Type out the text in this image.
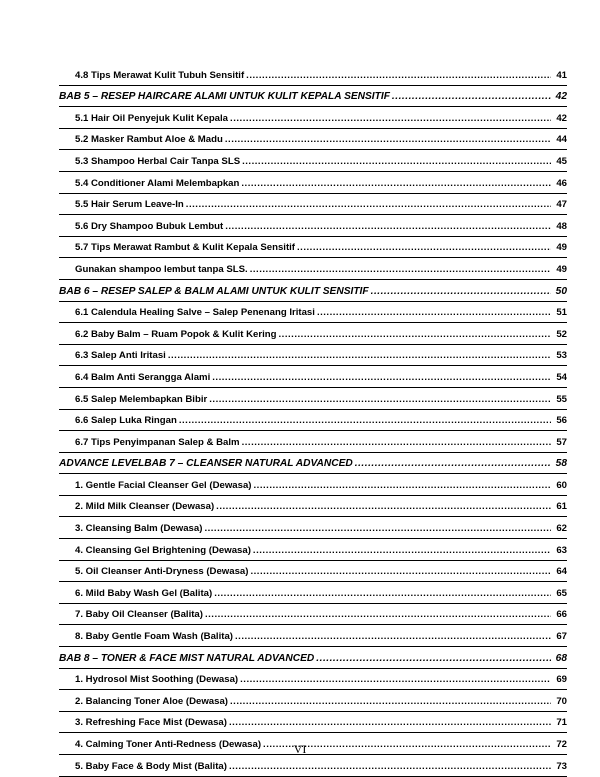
4.8 Tips Merawat Kulit Tubuh Sensitif .....	41
BAB 5 – RESEP HAIRCARE ALAMI UNTUK KULIT KEPALA SENSITIF .....	42
5.1 Hair Oil Penyejuk Kulit Kepala .....	42
5.2 Masker Rambut Aloe & Madu .....	44
5.3 Shampoo Herbal Cair Tanpa SLS .....	45
5.4 Conditioner Alami Melembapkan .....	46
5.5 Hair Serum Leave-In .....	47
5.6 Dry Shampoo Bubuk Lembut .....	48
5.7 Tips Merawat Rambut & Kulit Kepala Sensitif .....	49
Gunakan shampoo lembut tanpa SLS. .....	49
BAB 6 – RESEP SALEP & BALM ALAMI UNTUK KULIT SENSITIF .....	50
6.1 Calendula Healing Salve – Salep Penenang Iritasi .....	51
6.2 Baby Balm – Ruam Popok & Kulit Kering .....	52
6.3 Salep Anti Iritasi .....	53
6.4 Balm Anti Serangga Alami .....	54
6.5 Salep Melembapkan Bibir .....	55
6.6 Salep Luka Ringan .....	56
6.7 Tips Penyimpanan Salep & Balm .....	57
ADVANCE LEVELBAB 7 – CLEANSER NATURAL ADVANCED .....	58
1. Gentle Facial Cleanser Gel (Dewasa) .....	60
2. Mild Milk Cleanser (Dewasa) .....	61
3. Cleansing Balm (Dewasa) .....	62
4. Cleansing Gel Brightening (Dewasa) .....	63
5. Oil Cleanser Anti-Dryness (Dewasa) .....	64
6. Mild Baby Wash Gel (Balita) .....	65
7. Baby Oil Cleanser (Balita) .....	66
8. Baby Gentle Foam Wash (Balita) .....	67
BAB 8 – TONER & FACE MIST NATURAL ADVANCED .....	68
1. Hydrosol Mist Soothing (Dewasa) .....	69
2. Balancing Toner Aloe (Dewasa) .....	70
3. Refreshing Face Mist (Dewasa) .....	71
4. Calming Toner Anti-Redness (Dewasa) .....	72
5. Baby Face & Body Mist (Balita) .....	73
VI
